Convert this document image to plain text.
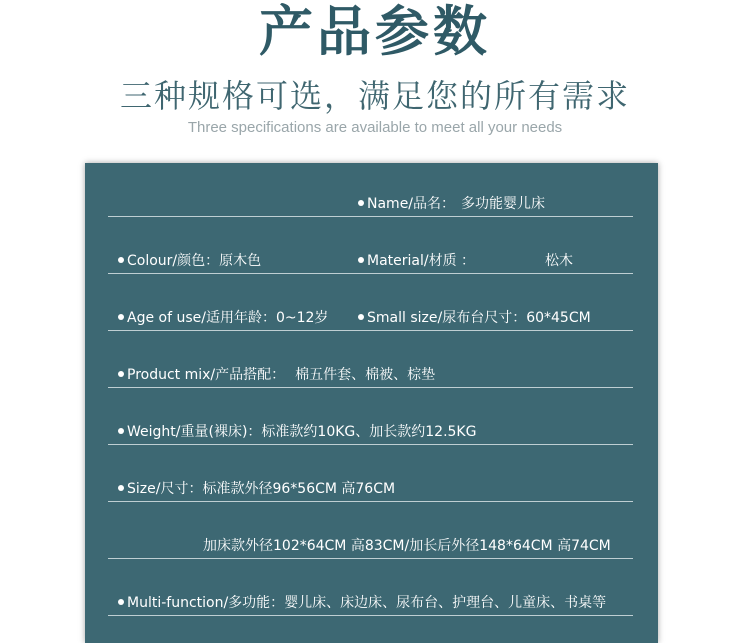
产品参数
三种规格可选，满足您的所有需求
Three specifications are available to meet all your needs
Name/品名： 多功能婴儿床
Colour/颜色：原木色	Material/材质 ：	松木
Age of use/适用年龄：0~12岁	Small size/尿布台尺寸：60*45CM
Product mix/产品搭配： 棉五件套、棉被、棕垫
Weight/重量(裸床)：标准款约10KG、加长款约12.5KG
Size/尺寸：标准款外径96*56CM 高76CM
加床款外径102*64CM 高83CM/加长后外径148*64CM 高74CM
Multi-function/多功能：婴儿床、床边床、尿布台、护理台、儿童床、书桌等
